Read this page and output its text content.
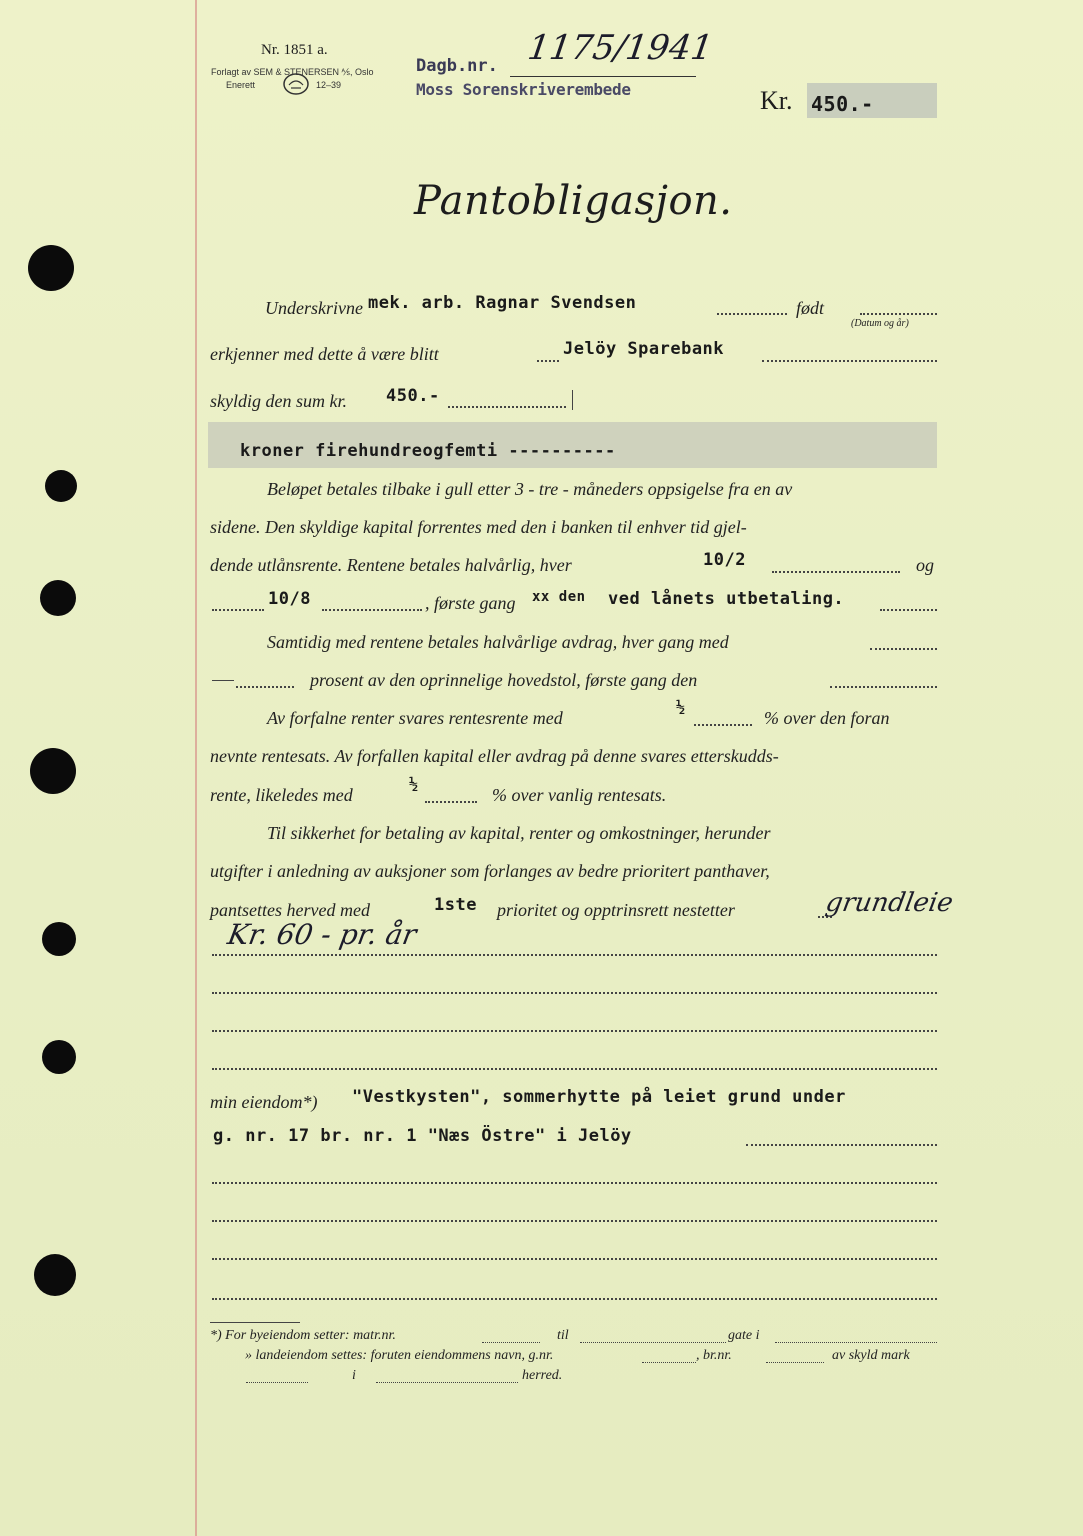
Nr. 1851 a.
Forlagt av SEM & STENERSEN ⅍, Oslo
Enerett	12–39
Dagb.nr. 1175/1941
Moss Sorenskriverembede	Kr. 450.-
Pantobligasjon.
Underskrivne mek. arb. Ragnar Svendsen	født
(Datum og år)
erkjenner med dette å være blitt	Jelöy Sparebank
skyldig den sum kr. 450.-
kroner firehundreogfemti ----------
Beløpet betales tilbake i gull etter 3 - tre - måneders oppsigelse fra en av
sidene. Den skyldige kapital forrentes med den i banken til enhver tid gjel-
dende utlånsrente. Rentene betales halvårlig, hver	10/2	og
10/8	, første gang xx den ved lånets utbetaling.
Samtidig med rentene betales halvårlige avdrag, hver gang med
prosent av den oprinnelige hovedstol, første gang den
Av forfalne renter svares rentesrente med
½
% over den foran
nevnte rentesats. Av forfallen kapital eller avdrag på denne svares etterskudds-
rente, likeledes med
½
% over vanlig rentesats.
Til sikkerhet for betaling av kapital, renter og omkostninger, herunder
utgifter i anledning av auksjoner som forlanges av bedre prioritert panthaver,
pantsettes herved med	1ste prioritet og opptrinsrett nestetter	grundleie
Kr. 60 - pr. år
min eiendom*) "Vestkysten", sommerhytte på leiet grund under
g. nr. 17 br. nr. 1 "Næs Östre" i Jelöy
*) For byeiendom setter: matr.nr.	til	gate i
» landeiendom settes: foruten eiendommens navn, g.nr.	, br.nr.	av skyld mark
i	herred.
